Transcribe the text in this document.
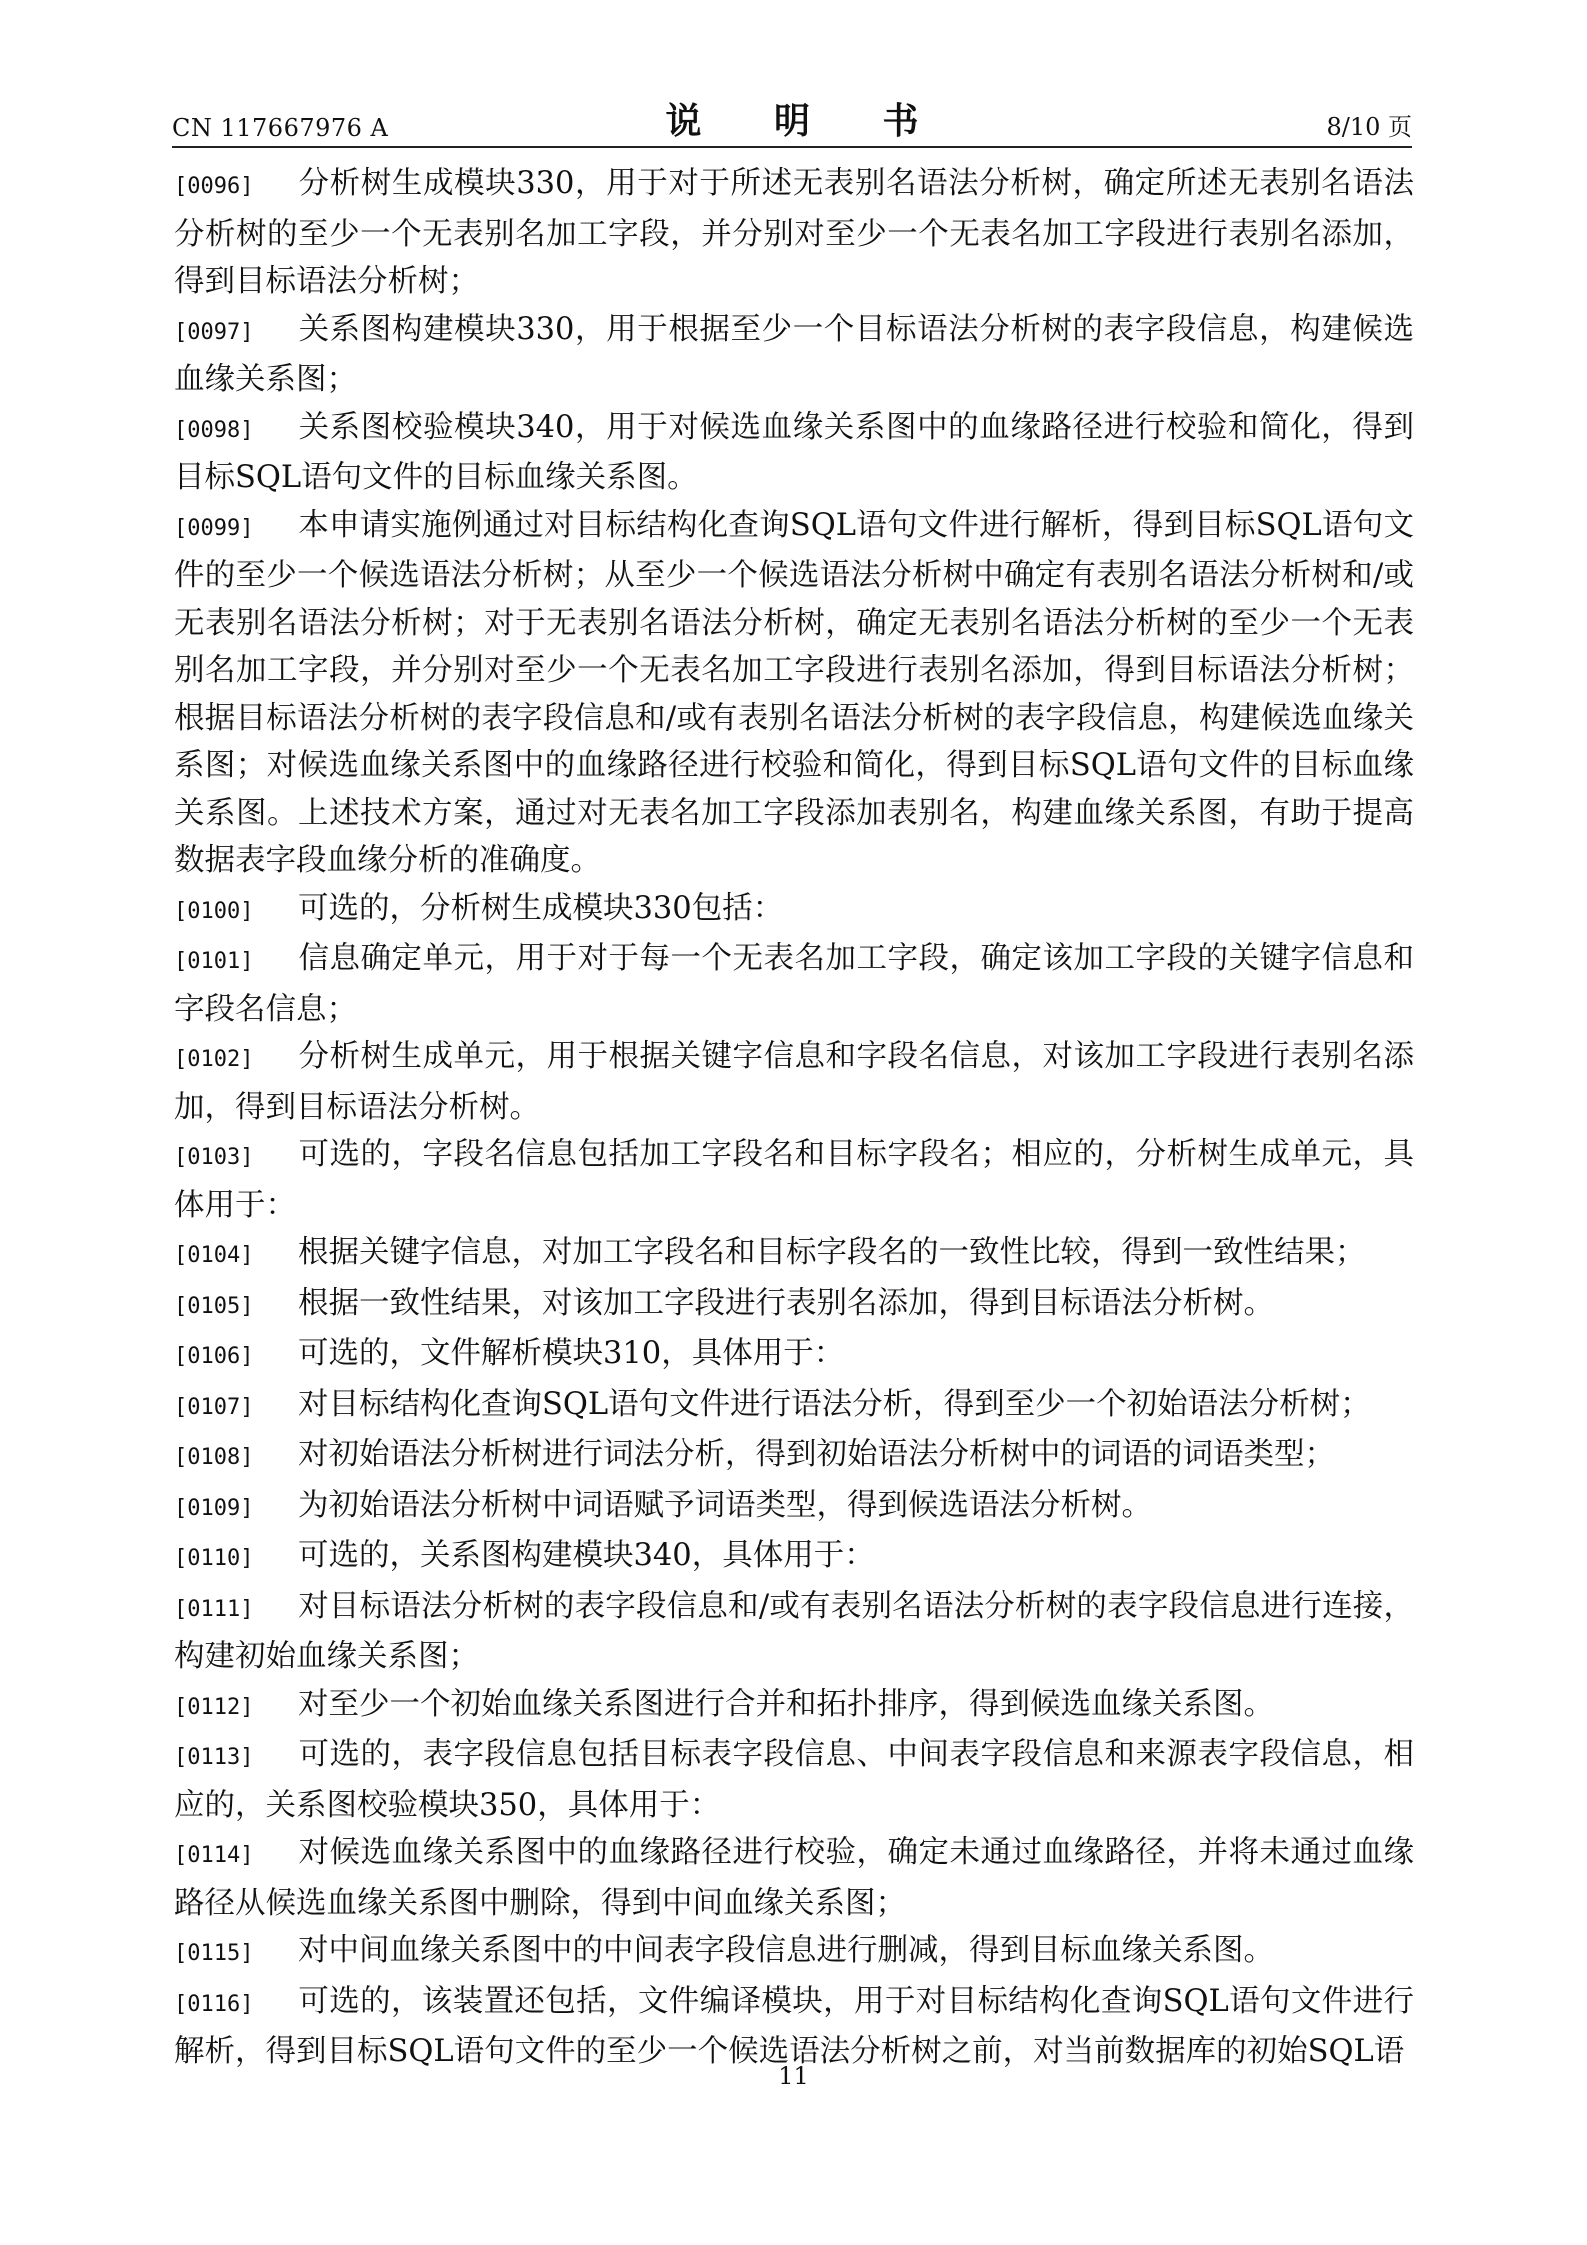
CN 117667976 A	说 明 书	8/10 页

[0096] 分析树生成模块330，用于对于所述无表别名语法分析树，确定所述无表别名语法分析树的至少一个无表别名加工字段，并分别对至少一个无表名加工字段进行表别名添加，得到目标语法分析树；

[0097] 关系图构建模块330，用于根据至少一个目标语法分析树的表字段信息，构建候选血缘关系图；

[0098] 关系图校验模块340，用于对候选血缘关系图中的血缘路径进行校验和简化，得到目标SQL语句文件的目标血缘关系图。

[0099] 本申请实施例通过对目标结构化查询SQL语句文件进行解析，得到目标SQL语句文件的至少一个候选语法分析树；从至少一个候选语法分析树中确定有表别名语法分析树和/或无表别名语法分析树；对于无表别名语法分析树，确定无表别名语法分析树的至少一个无表别名加工字段，并分别对至少一个无表名加工字段进行表别名添加，得到目标语法分析树；根据目标语法分析树的表字段信息和/或有表别名语法分析树的表字段信息，构建候选血缘关系图；对候选血缘关系图中的血缘路径进行校验和简化，得到目标SQL语句文件的目标血缘关系图。上述技术方案，通过对无表名加工字段添加表别名，构建血缘关系图，有助于提高数据表字段血缘分析的准确度。

[0100] 可选的，分析树生成模块330包括：

[0101] 信息确定单元，用于对于每一个无表名加工字段，确定该加工字段的关键字信息和字段名信息；

[0102] 分析树生成单元，用于根据关键字信息和字段名信息，对该加工字段进行表别名添加，得到目标语法分析树。

[0103] 可选的，字段名信息包括加工字段名和目标字段名；相应的，分析树生成单元，具体用于：

[0104] 根据关键字信息，对加工字段名和目标字段名的一致性比较，得到一致性结果；

[0105] 根据一致性结果，对该加工字段进行表别名添加，得到目标语法分析树。

[0106] 可选的，文件解析模块310，具体用于：

[0107] 对目标结构化查询SQL语句文件进行语法分析，得到至少一个初始语法分析树；

[0108] 对初始语法分析树进行词法分析，得到初始语法分析树中的词语的词语类型；

[0109] 为初始语法分析树中词语赋予词语类型，得到候选语法分析树。

[0110] 可选的，关系图构建模块340，具体用于：

[0111] 对目标语法分析树的表字段信息和/或有表别名语法分析树的表字段信息进行连接，构建初始血缘关系图；

[0112] 对至少一个初始血缘关系图进行合并和拓扑排序，得到候选血缘关系图。

[0113] 可选的，表字段信息包括目标表字段信息、中间表字段信息和来源表字段信息，相应的，关系图校验模块350，具体用于：

[0114] 对候选血缘关系图中的血缘路径进行校验，确定未通过血缘路径，并将未通过血缘路径从候选血缘关系图中删除，得到中间血缘关系图；

[0115] 对中间血缘关系图中的中间表字段信息进行删减，得到目标血缘关系图。

[0116] 可选的，该装置还包括，文件编译模块，用于对目标结构化查询SQL语句文件进行解析，得到目标SQL语句文件的至少一个候选语法分析树之前，对当前数据库的初始SQL语

11
